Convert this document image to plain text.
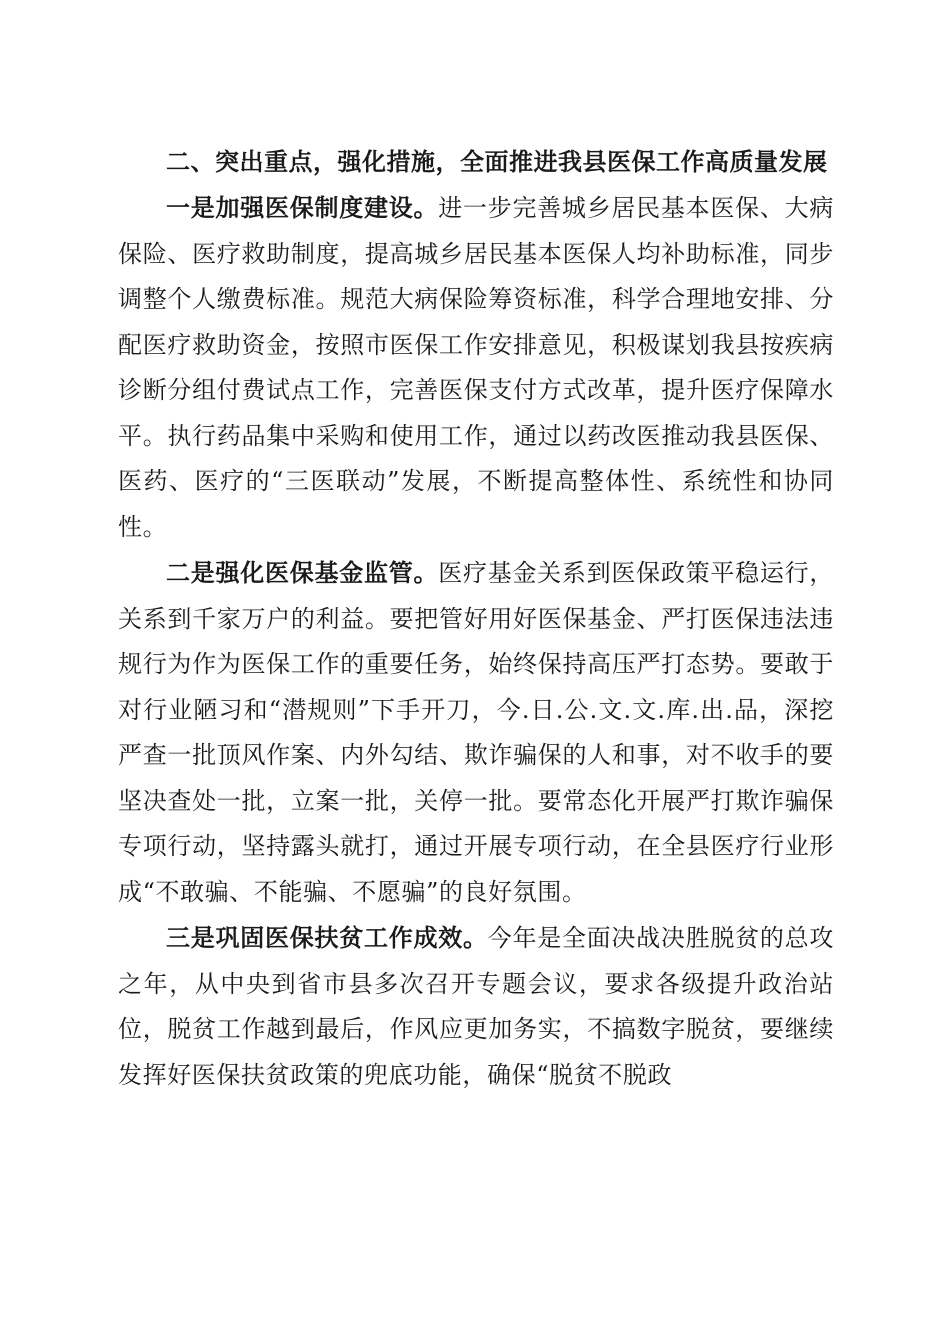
二、突出重点，强化措施，全面推进我县医保工作高质量发展

一是加强医保制度建设。进一步完善城乡居民基本医保、大病保险、医疗救助制度，提高城乡居民基本医保人均补助标准，同步调整个人缴费标准。规范大病保险筹资标准，科学合理地安排、分配医疗救助资金，按照市医保工作安排意见，积极谋划我县按疾病诊断分组付费试点工作，完善医保支付方式改革，提升医疗保障水平。执行药品集中采购和使用工作，通过以药改医推动我县医保、医药、医疗的“三医联动”发展，不断提高整体性、系统性和协同性。

二是强化医保基金监管。医疗基金关系到医保政策平稳运行，关系到千家万户的利益。要把管好用好医保基金、严打医保违法违规行为作为医保工作的重要任务，始终保持高压严打态势。要敢于对行业陋习和“潜规则”下手开刀，今.日.公.文.文.库.出.品，深挖严查一批顶风作案、内外勾结、欺诈骗保的人和事，对不收手的要坚决查处一批，立案一批，关停一批。要常态化开展严打欺诈骗保专项行动，坚持露头就打，通过开展专项行动，在全县医疗行业形成“不敢骗、不能骗、不愿骗”的良好氛围。

三是巩固医保扶贫工作成效。今年是全面决战决胜脱贫的总攻之年，从中央到省市县多次召开专题会议，要求各级提升政治站位，脱贫工作越到最后，作风应更加务实，不搞数字脱贫，要继续发挥好医保扶贫政策的兜底功能，确保“脱贫不脱政
